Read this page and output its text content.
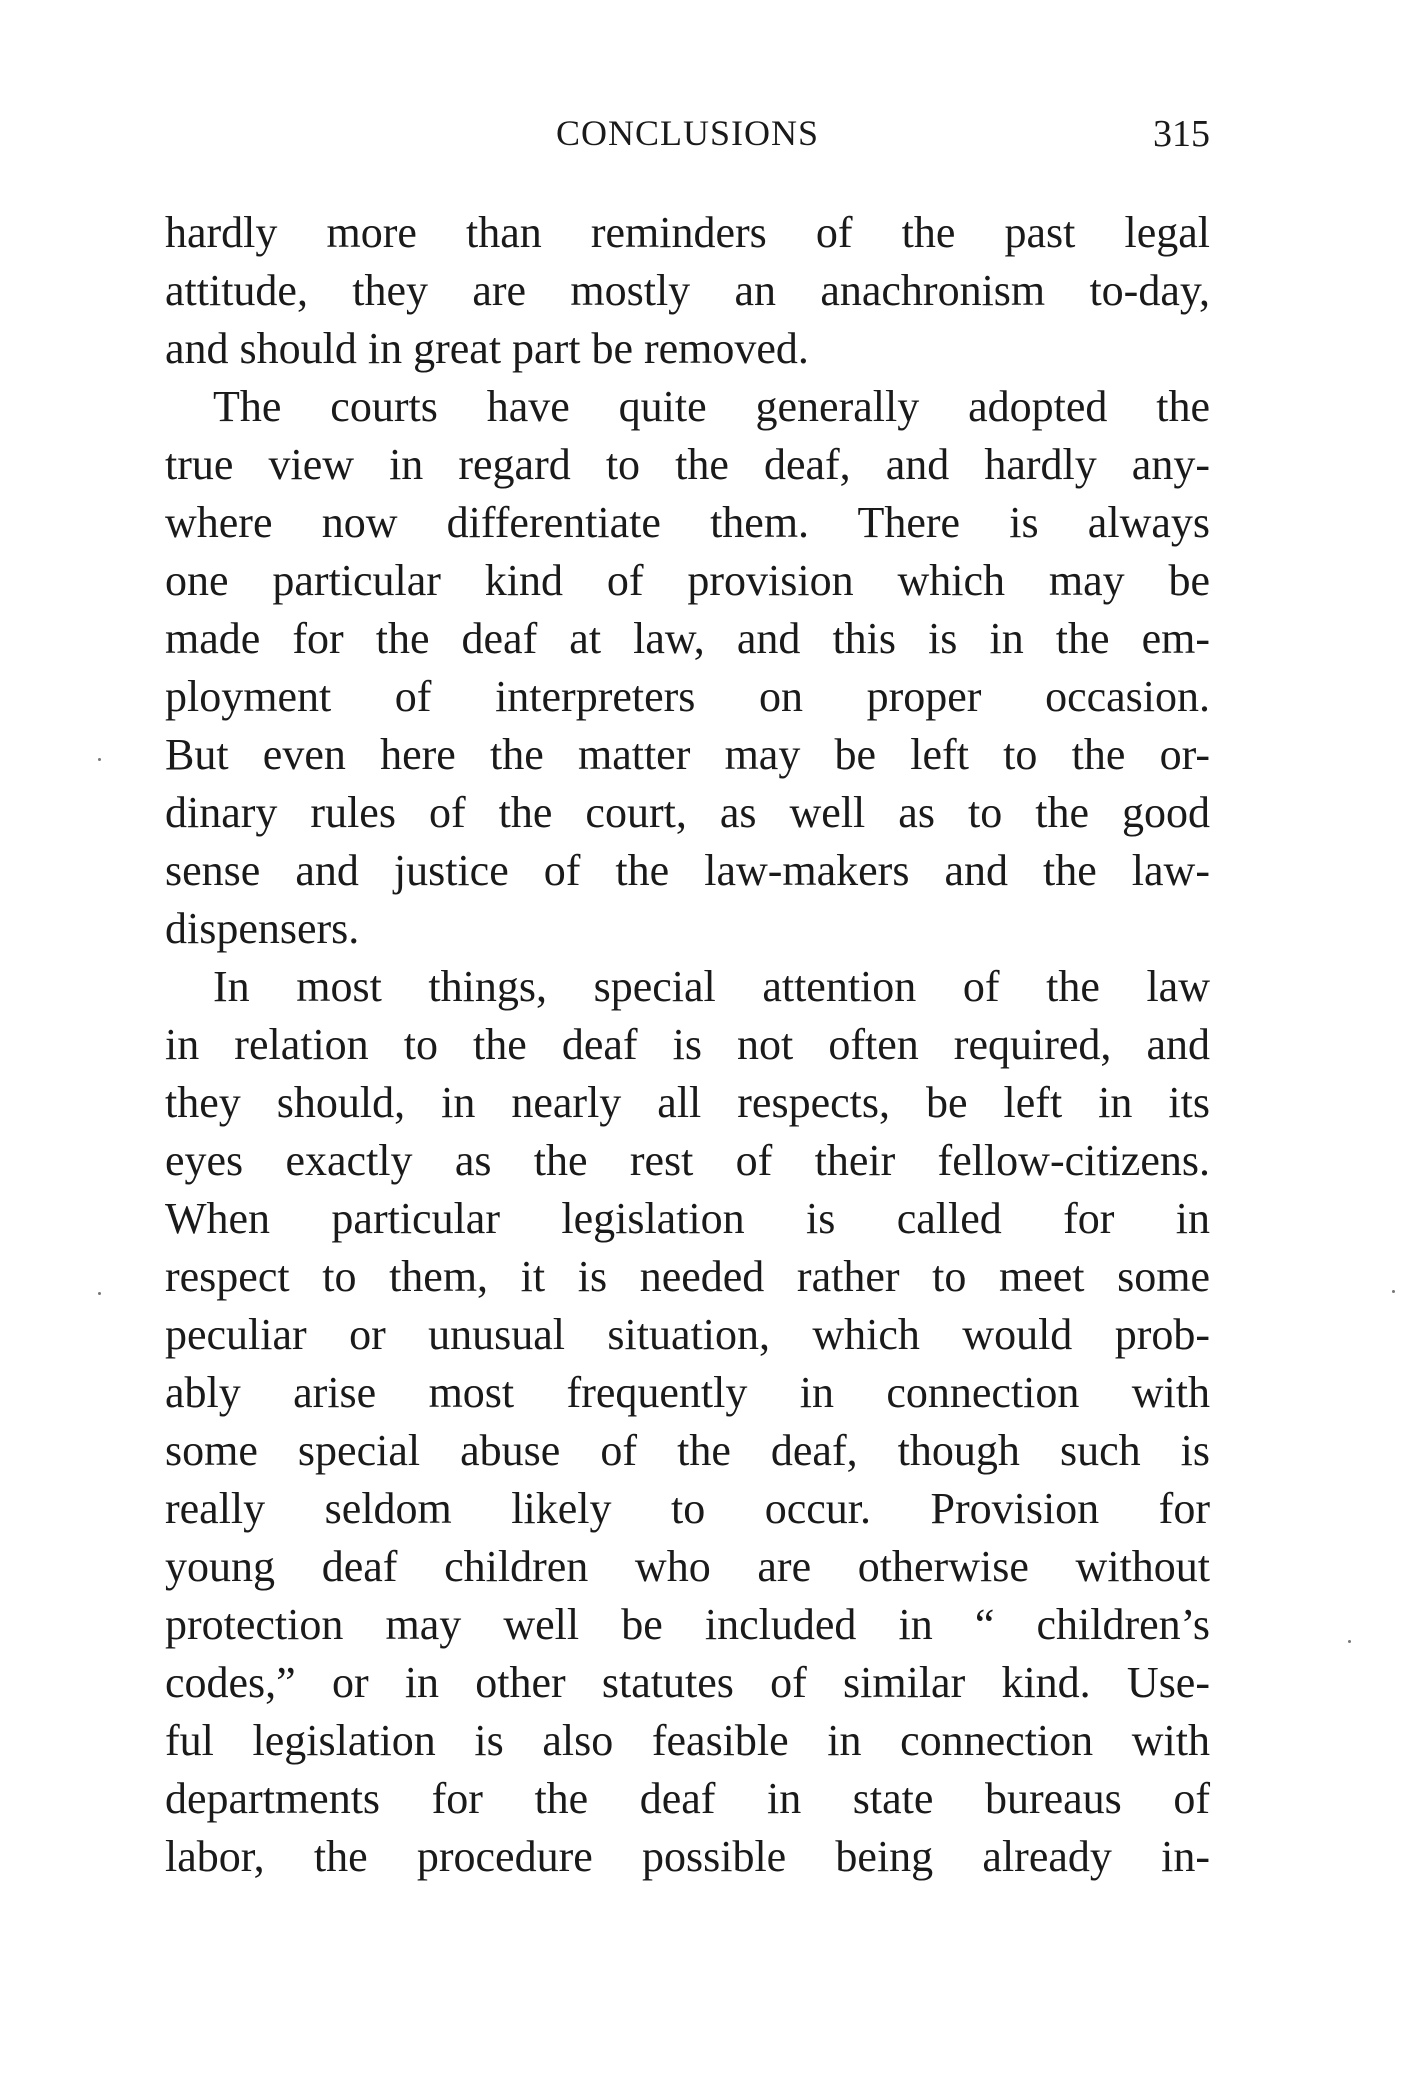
CONCLUSIONS	315
hardly more than reminders of the past legal
attitude, they are mostly an anachronism to-day,
and should in great part be removed.
The courts have quite generally adopted the
true view in regard to the deaf, and hardly any-
where now differentiate them. There is always
one particular kind of provision which may be
made for the deaf at law, and this is in the em-
ployment of interpreters on proper occasion.
But even here the matter may be left to the or-
dinary rules of the court, as well as to the good
sense and justice of the law-makers and the law-
dispensers.
In most things, special attention of the law
in relation to the deaf is not often required, and
they should, in nearly all respects, be left in its
eyes exactly as the rest of their fellow-citizens.
When particular legislation is called for in
respect to them, it is needed rather to meet some
peculiar or unusual situation, which would prob-
ably arise most frequently in connection with
some special abuse of the deaf, though such is
really seldom likely to occur. Provision for
young deaf children who are otherwise without
protection may well be included in “ children’s
codes,” or in other statutes of similar kind. Use-
ful legislation is also feasible in connection with
departments for the deaf in state bureaus of
labor, the procedure possible being already in-
